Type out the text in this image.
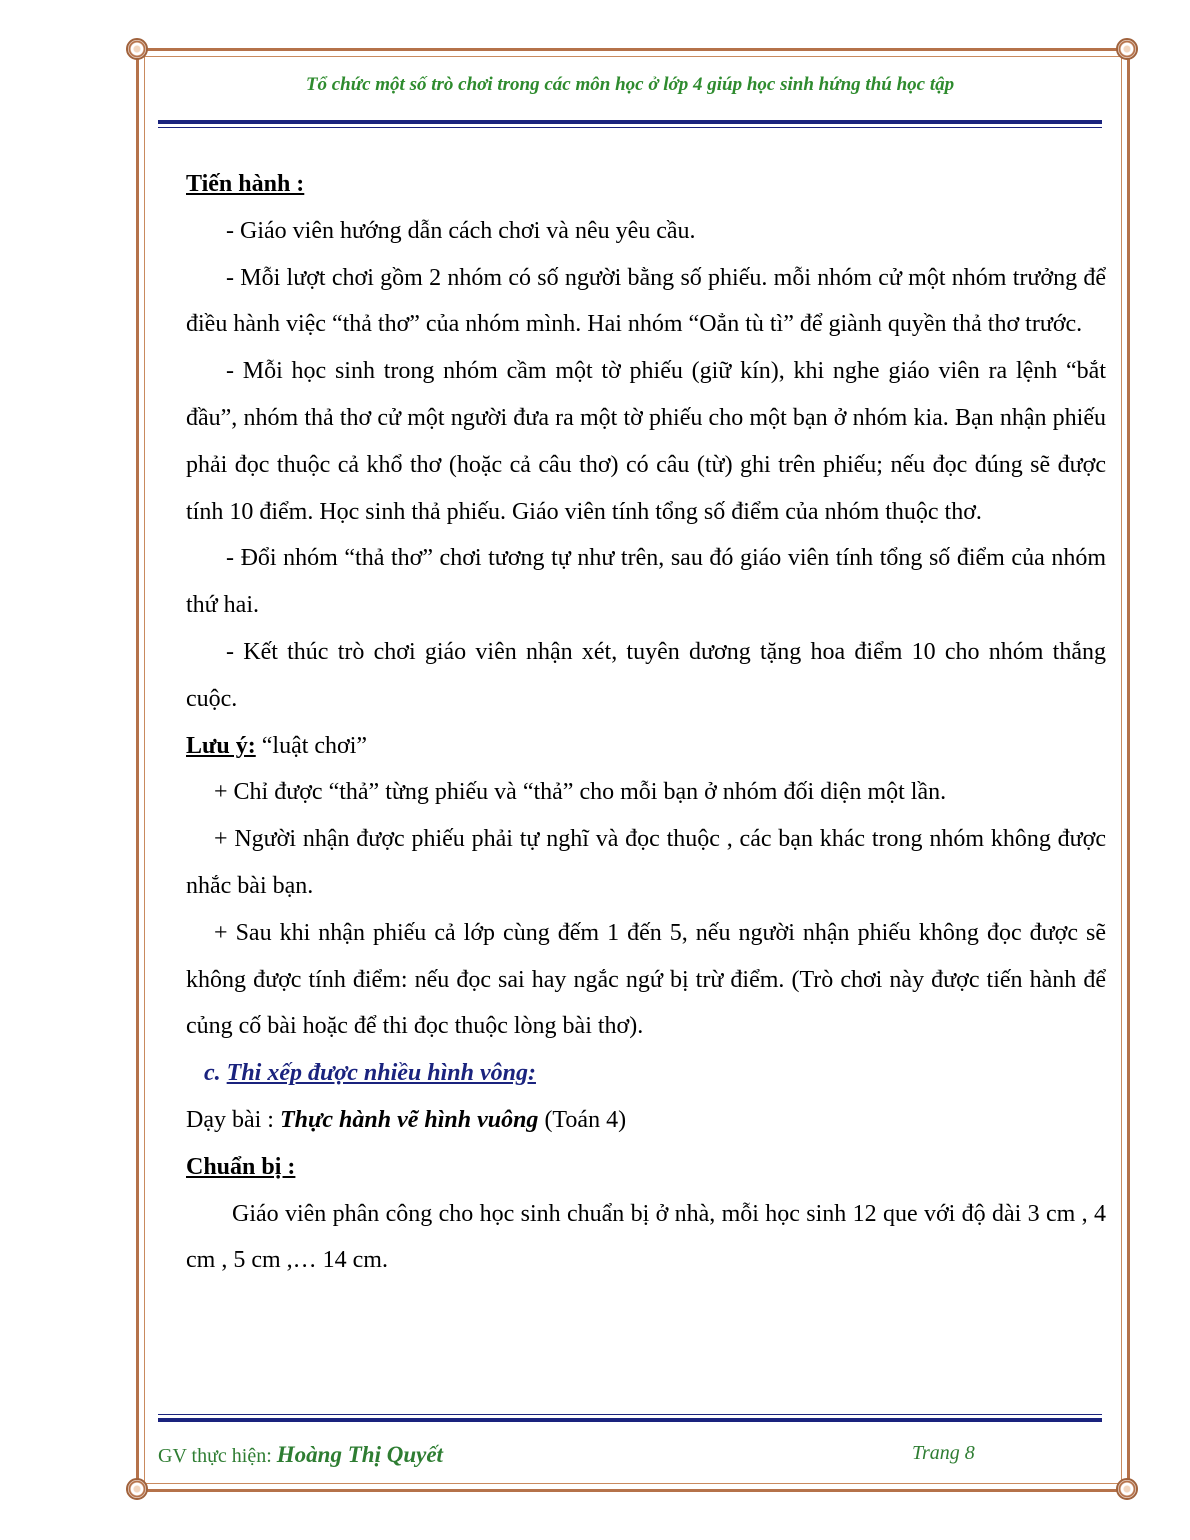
Tổ chức một số trò chơi trong các môn học ở lớp 4 giúp học sinh hứng thú học tập

Tiến hành :

- Giáo viên hướng dẫn cách chơi và nêu yêu cầu.

- Mỗi lượt chơi gồm 2 nhóm có số người bằng số phiếu. mỗi nhóm cử một nhóm trưởng để điều hành việc “thả thơ” của nhóm mình. Hai nhóm “Oẳn tù tì” để giành quyền thả thơ trước.

- Mỗi học sinh trong nhóm cầm một tờ phiếu (giữ kín), khi nghe giáo viên ra lệnh “bắt đầu”, nhóm thả thơ cử một người đưa ra một tờ phiếu cho một bạn ở nhóm kia. Bạn nhận phiếu phải đọc thuộc cả khổ thơ (hoặc cả câu thơ) có câu (từ) ghi trên phiếu; nếu đọc đúng sẽ được tính 10 điểm. Học sinh thả phiếu. Giáo viên tính tổng số điểm của nhóm thuộc thơ.

- Đổi nhóm “thả thơ” chơi tương tự như trên, sau đó giáo viên tính tổng số điểm của nhóm thứ hai.

- Kết thúc trò chơi giáo viên nhận xét, tuyên dương tặng hoa điểm 10 cho nhóm thắng cuộc.

Lưu ý: “luật chơi”

+ Chỉ được “thả” từng phiếu và “thả” cho mỗi bạn ở nhóm đối diện một lần.

+ Người nhận được phiếu phải tự nghĩ và đọc thuộc , các bạn khác trong nhóm không được nhắc bài bạn.

+ Sau khi nhận phiếu cả lớp cùng đếm 1 đến 5, nếu người nhận phiếu không đọc được sẽ không được tính điểm: nếu đọc sai hay ngắc ngứ bị trừ điểm. (Trò chơi này được tiến hành để củng cố bài hoặc để thi đọc thuộc lòng bài thơ).

c. Thi xếp được nhiều hình vông:

Dạy bài : Thực hành vẽ hình vuông (Toán 4)

Chuẩn bị :

Giáo viên phân công cho học sinh chuẩn bị ở nhà, mỗi học sinh 12 que với độ dài 3 cm , 4 cm , 5 cm ,… 14 cm.

GV thực hiện: Hoàng Thị Quyết	Trang 8
